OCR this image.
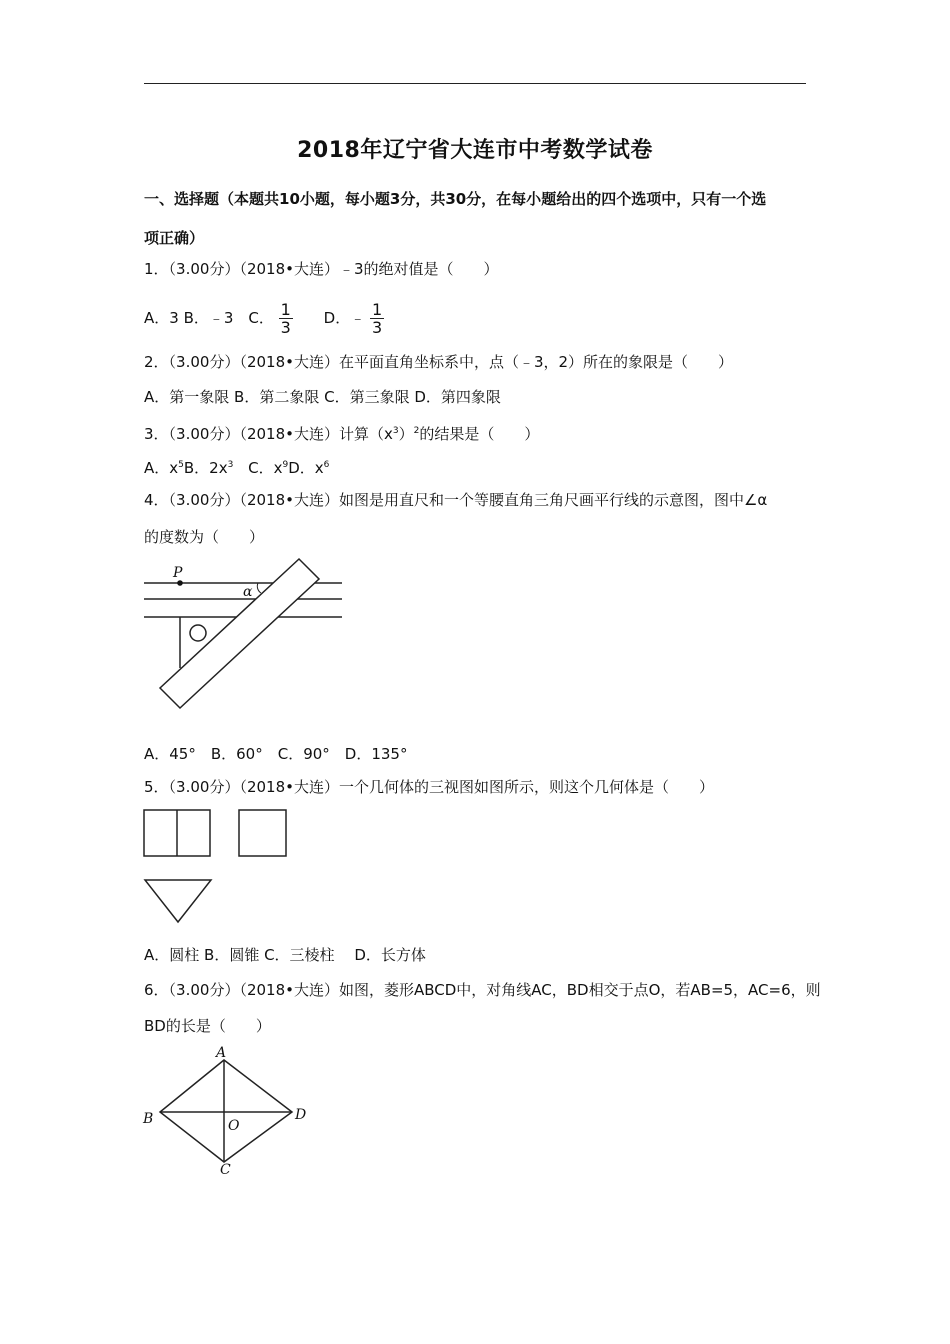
2018年辽宁省大连市中考数学试卷
一、选择题（本题共10小题，每小题3分，共30分，在每小题给出的四个选项中，只有一个选
项正确）
1．（3.00分）（2018•大连）﹣3的绝对值是（　　）
A．3 B．﹣3　C． $\frac{1}{3}$ D．﹣ $\frac{1}{3}$
2．（3.00分）（2018•大连）在平面直角坐标系中，点（﹣3，2）所在的象限是（　　）
A．第一象限 B．第二象限 C．第三象限 D．第四象限
3．（3.00分）（2018•大连）计算$(x^3)^2$的结果是（　　）
A．$x^5B$．$2x^3$ C．$x^9D$．$x^6$
4．（3.00分）（2018•大连）如图是用直尺和一个等腰直角三角尺画平行线的示意图，图中∠α
的度数为（　　）
P
α
A．45°　B．60°　C．90°　D．135°
5．（3.00分）（2018•大连）一个几何体的三视图如图所示，则这个几何体是（　　）
A．圆柱 B．圆锥 C．三棱柱　 D．长方体
6．（3.00分）（2018•大连）如图，菱形ABCD中，对角线AC，BD相交于点O，若AB=5，AC=6，则
BD的长是（　　）
A
B
C
D
O
